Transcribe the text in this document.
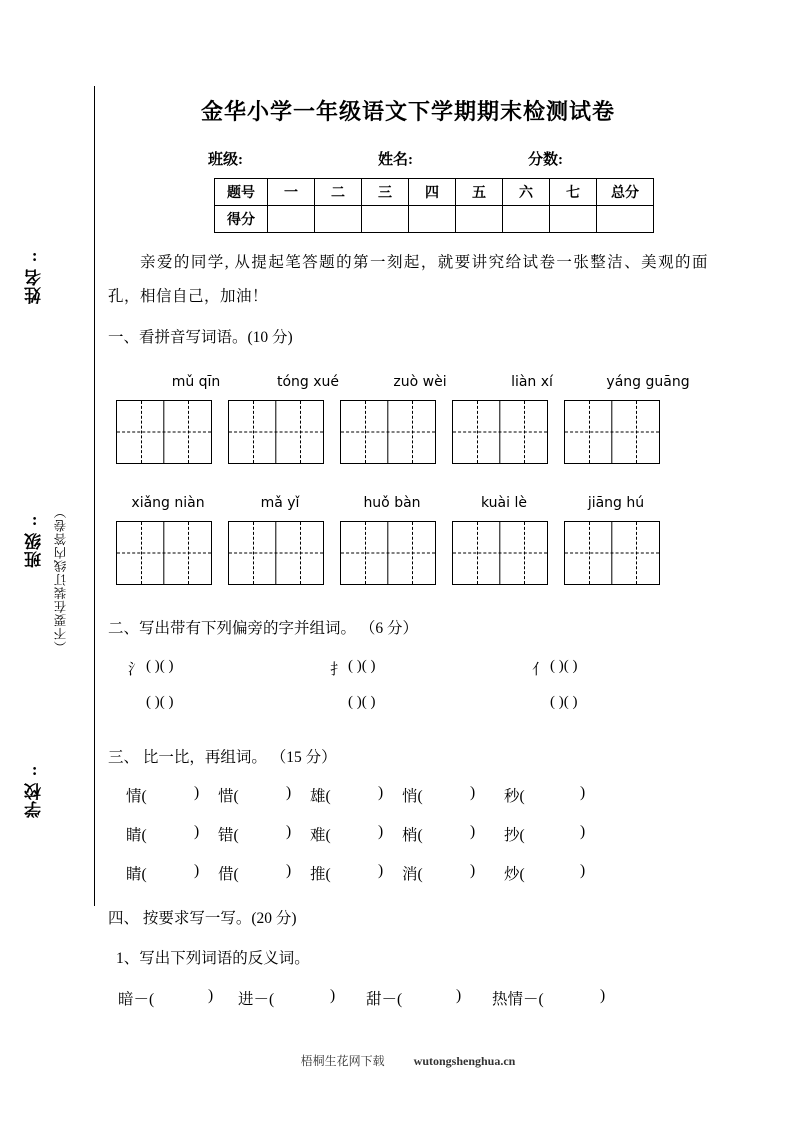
姓名:
班级: （不要在装订线内答卷）
学校:
金华小学一年级语文下学期期末检测试卷
班级:	姓名:	分数:
题号	一	二	三	四	五	六	七	总分
得分								
亲爱的同学, 从提起笔答题的第一刻起，就要讲究给试卷一张整洁、美观的面孔，相信自己，加油！
一、看拼音写词语。(10 分)
mǔ qīn	tóng xué	zuò wèi	liàn xí	yáng guāng
xiǎng niàn	mǎ yǐ	huǒ bàn	kuài lè	jiāng hú
二、写出带有下列偏旁的字并组词。 （6 分）
氵 ( )( )	扌 ( )( )	亻 ( )( )
( )( )	( )( )	( )( )
三、 比一比，再组词。 （15 分）
情(	) 惜(	) 雄(	) 悄(	) 秒(	)
睛(	) 错(	) 难(	) 梢(	) 抄(	)
睛(	) 借(	) 推(	) 消(	) 炒(	)
四、 按要求写一写。(20 分)
1、写出下列词语的反义词。
暗－(	) 进－(	) 甜－(	) 热情－(	)
梧桐生花网下载 wutongshenghua.cn
